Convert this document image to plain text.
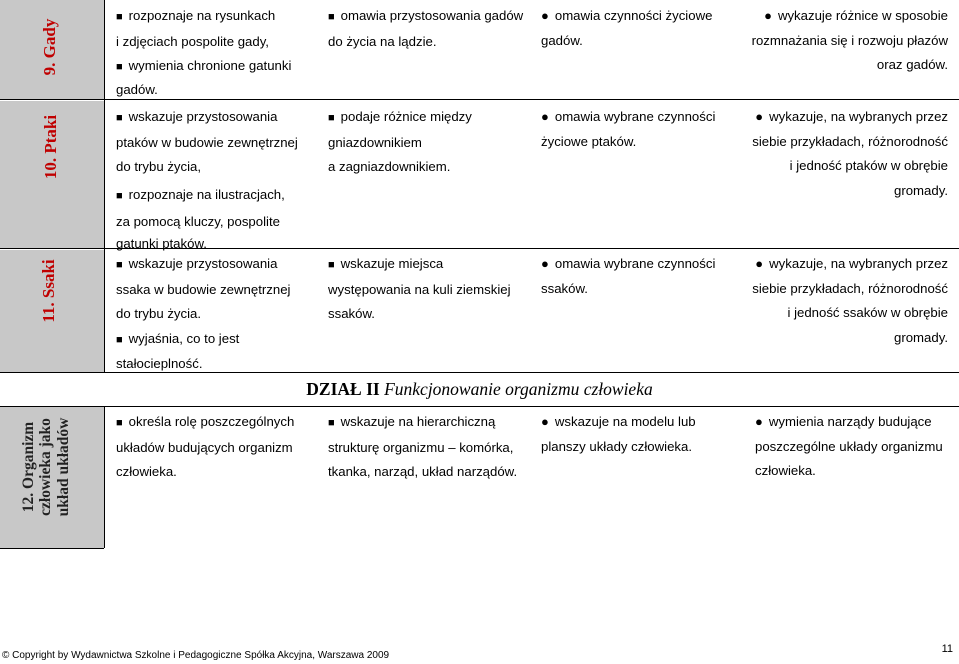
9. Gady
10. Ptaki
11. Ssaki
12. Organizm człowieka jako układ układów

■ rozpoznaje na rysunkach

i zdjęciach pospolite gady,

■ wymienia chronione gatunki

gadów.

■ omawia przystosowania gadów

do życia na lądzie.

● omawia czynności życiowe

gadów.

● wykazuje różnice w sposobie

rozmnażania się i rozwoju płazów

oraz gadów.

■ wskazuje przystosowania

ptaków w budowie zewnętrznej

do trybu życia,

■ rozpoznaje na ilustracjach,

za pomocą kluczy, pospolite

gatunki ptaków.

■ podaje różnice między

gniazdownikiem

a zagniazdownikiem.

● omawia wybrane czynności

życiowe ptaków.

● wykazuje, na wybranych przez

siebie przykładach, różnorodność

i jedność ptaków w obrębie

gromady.

■ wskazuje przystosowania

ssaka w budowie zewnętrznej

do trybu życia.

■ wyjaśnia, co to jest

stałocieplność.

■ wskazuje miejsca

występowania na kuli ziemskiej

ssaków.

● omawia wybrane czynności

ssaków.

● wykazuje, na wybranych przez

siebie przykładach, różnorodność

i jedność ssaków w obrębie

gromady.

DZIAŁ II Funkcjonowanie organizmu człowieka

■ określa rolę poszczególnych

układów budujących organizm

człowieka.

■ wskazuje na hierarchiczną

strukturę organizmu – komórka,

tkanka, narząd, układ narządów.

● wskazuje na modelu lub

planszy układy człowieka.

● wymienia narządy budujące

poszczególne układy organizmu

człowieka.

© Copyright by Wydawnictwa Szkolne i Pedagogiczne Spółka Akcyjna, Warszawa 2009
11
